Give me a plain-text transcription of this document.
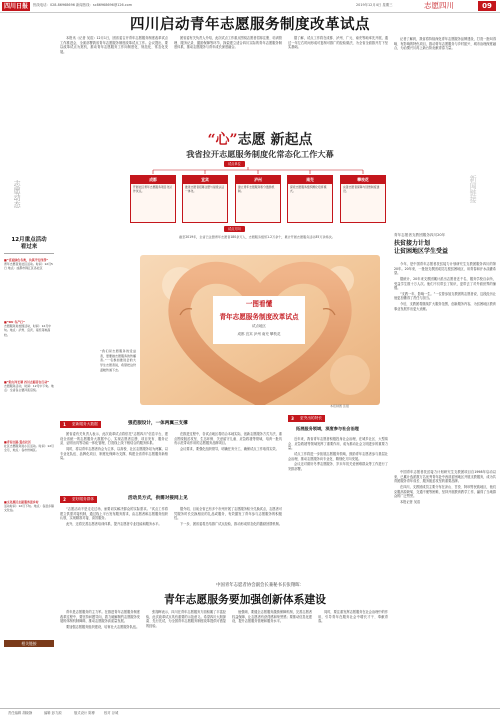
四川日报	热线电话：028-86968696 新闻热线：sc86968696@126.com	2019年12月4日 星期三	志愿四川	09
四川启动青年志愿服务制度改革试点

本报讯（记者 吴浩）12月1日，团省委召开青年志愿服务制度改革试点工作推进会，全面部署我省青年志愿服务制度改革试点工作。会议提出，要以改革试点为契机，推动青年志愿服务工作向制度化、规范化、常态化发展。

团省委有关负责人介绍，此次试点工作重点围绕志愿者招募注册、培训管理、服务记录、激励保障等环节，探索建立适合四川实际的青年志愿服务制度体系，推动志愿服务与青年成长深度融合。

据了解，试点工作将在成都、泸州、广元、南充等地率先开展，通过一年左右时间形成可复制可推广的经验做法，为全省全面推开打下坚实基础。

“心”志愿 新起点
我省拉开志愿服务制度化常态化工作大幕
试点单位
成都
开展社区青年志愿服务项目化运作试点。
宜宾
推进志愿者招募注册与星级认证一体化。
泸州
建立青年志愿服务积分激励机制。
南充
探索志愿服务组织孵化培育模式。
攀枝花
完善志愿者保障与回馈制度建设。
试点方向
截至2019年，全省已注册青年志愿者180余万人，志愿服务组织1.2万余个，累计开展志愿服务活动35万余场次。
一图看懂
青年志愿服务制度改革试点
试点地区
成都 宜宾 泸州 南充 攀枝花
本报制图 张强
“我们是志愿服务的受益者，更要做志愿服务的传播者。”一名参加推进会的大学生志愿者说，希望把这份温暖传递下去。
志愿动态
12月重点活动
看过来
■“喜迎绿色冬奥，共筑平安西部”
青年志愿者进社区活动。时间：12月5日 地点：成都市锦江区各社区
■“DU 冬产行”
志愿服务进校园活动，时间：12月中旬。地点：泸州、宜宾、南充等地高校。
■“助力河长制 四川志愿者在行动”
志愿服务活动，时间：12月中下旬。地点：全省各主要河流沿线。
■青春志愿·爱在社区
社区志愿服务进小区活动。时间：12月全月，地点：各市州城区。
■文化惠民志愿服务进乡村
活动时间：12月下旬。地点：各县乡镇文化站。
相关链接
1	更新服务大数据	强范服设计，一体两翼三支撑

团省委有关负责人表示，此次改革试点将依托“志愿四川”信息平台，建设全省统一的志愿服务大数据中心，实现志愿者注册、项目发布、服务记录、证明出具等功能一体化管理，打造线上线下相结合的服务体系。

同时，将以青年志愿者协会为主体，以高校、社区志愿服务站为两翼，以专业化队伍、品牌化项目、制度化保障为支撑，构建全省青年志愿服务新格局。

在推进过程中，各试点地区将结合本地实际，创新志愿服务方式方法，重点围绕脱贫攻坚、生态环保、关爱留守儿童、应急救援等领域，培育一批具有示范带动作用的志愿服务品牌项目。

会议要求，要强化组织领导，明确任务分工，确保试点工作取得实效。

2	更好服务群体	活动员方式，供需对接网上见

“志愿活动不是走走过场，而要切实解决群众的实际需求。”试点工作将建立供需对接机制，通过线上平台发布服务需求，由志愿者和志愿服务组织认领，实现精准对接、高效服务。

此外，还将完善志愿者培训体系，提升志愿者专业技能和服务水平。

据介绍，目前全省已有多个市州开展了志愿服务积分兑换试点，志愿者可凭服务时长兑换相应的礼品或服务，有效激发了青年参与志愿服务的积极性。

下一步，团省委将总结推广试点经验，推动形成常态化的激励回馈机制。

3	更突出的特长
拓展服务领域，深度参与社会治理

近年来，我省青年志愿者积极投身社会治理，在城乡社区、大型赛会、应急救援等领域发挥了重要作用，成为推动社会文明进步的重要力量。

试点工作将进一步拓展志愿服务领域，鼓励青年志愿者参与基层社会治理，推动志愿服务向专业化、精细化方向发展。

会议还对做好冬季志愿服务、岁末年初关爱困难群众等工作进行了安排部署。

新闻链接

记者了解到，我省将持续深化青年志愿服务品牌建设，打造一批叫得响、有影响的特色项目，推动青年志愿服务与乡村振兴、城市治理深度融合，为治蜀兴川再上新台阶贡献青春力量。

青年志愿者支教团服务四川20年
扶贫接力计划
让贫困地区学生受益

今年，是中国青年志愿者扶贫接力计划研究生支教团服务四川的第20年。20年来，一批批支教团成员扎根贫困地区，用青春和汗水浇灌希望。

据统计，20年来支教团累计派出志愿者近千名，服务学校百余所，受益学生数十万人次。他们不仅带去了知识，更带去了对外面世界的憧憬。

“支教一年，影响一生。”一位曾参加支教团的志愿者说，这段经历让他更加懂得了责任与担当。

今后，支教团将继续扩大服务范围，创新服务内容，为贫困地区教育事业发展作出更大贡献。

中国青年志愿者扶贫接力计划研究生支教团项目自1998年启动以来，已累计选派数万名优秀青年赴中西部贫困地区开展支教服务，成为共青团服务青年成长、服务脱贫攻坚的重要品牌。

在四川，支教团成员主要分布在凉山、甘孜、阿坝等民族地区，他们克服高原缺氧、交通不便等困难，坚持开展教育教学工作，赢得了当地群众的广泛赞誉。

本报记者 吴浩

中国青年志愿者协会副会长兼秘书长张翔晖：
青年志愿服务要加强创新体系建设

青年是志愿服务的主力军。在推进青年志愿服务制度改革过程中，要坚持问题导向，着力破解制约志愿服务发展的体制机制障碍，推动志愿服务高质量发展。

要加强志愿服务组织建设，培育壮大志愿服务队伍。

张翔晖表示，四川在青年志愿服务方面积累了丰富经验，此次改革试点具有重要的示范意义。希望四川大胆探索、先行先试，为全国青年志愿服务制度改革提供可借鉴的经验。

他强调，要健全志愿服务激励保障机制，完善志愿者权益保障，让志愿者有获得感和荣誉感；要推动信息化建设，提升志愿服务管理和服务水平。

同时，要注重发挥志愿服务在社会治理中的作用，引导青年在服务社会中增长才干、奉献青春。

责任编辑 胡晓静	编辑 彭力源	版式设计 陈博	校对 谷城
